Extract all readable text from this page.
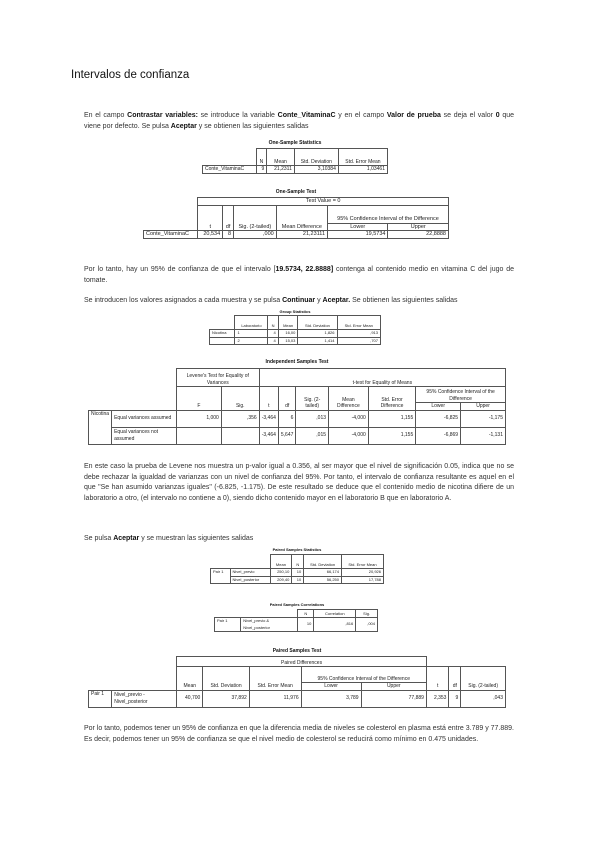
Intervalos de confianza

En el campo Contrastar variables: se introduce la variable Conte_VitaminaC y en el campo Valor de prueba se deja el valor 0 que viene por defecto. Se pulsa Aceptar y se obtienen las siguientes salidas

One-Sample Statistics
	N	Mean	Std. Deviation	Std. Error Mean
Conte_VitaminaC	9	21,2311	3,10384	1,03461
One-Sample Test
	Test Value = 0					
	t	df	Sig. (2-tailed)	Mean Difference	95% Confidence Interval of the Difference	
					Lower	Upper
Conte_VitaminaC	20,534	8	,000	21,23111	19,5734	22,8888

Por lo tanto, hay un 95% de confianza de que el intervalo [19.5734, 22.8888] contenga al contenido medio en vitamina C del jugo de tomate.

Se introducen los valores asignados a cada muestra y se pulsa Continuar y Aceptar. Se obtienen las siguientes salidas

Group Statistics
	Laboratorio	N	Mean	Std. Deviation	Std. Error Mean
Nicotina	1	4	16,00	1,826	,913
	2	4	15,03	1,414	,707
Independent Samples Test
		Levene's Test for Equality of Variances		t-test for Equality of Means						
		F	Sig.	t	df	Sig. (2-tailed)	Mean Difference	Std. Error Difference	95% Confidence Interval of the Difference	
									Lower	Upper
Nicotina	Equal variances assumed	1,000	,356	-3,464	6	,013	-4,000	1,155	-6,825	-1,175
	Equal variances not assumed			-3,464	5,647	,015	-4,000	1,155	-6,869	-1,131

En este caso la prueba de Levene nos muestra un p-valor igual a 0.356, al ser mayor que el nivel de significación 0.05, indica que no se debe rechazar la igualdad de varianzas con un nivel de confianza del 95%. Por tanto, el intervalo de confianza resultante es aquel en el que "Se han asumido varianzas iguales" (-6.825, -1.175). De este resultado se deduce que el contenido medio de nicotina difiere de un laboratorio a otro, (el intervalo no contiene a 0), siendo dicho contenido mayor en el laboratorio B que en laboratorio A.

Se pulsa Aceptar y se muestran las siguientes salidas

Paired Samples Statistics
		Mean	N	Std. Deviation	Std. Error Mean
Pair 1	Nivel_previo	250,10	10	66,174	20,926
	Nivel_posterior	209,40	10	56,250	17,788
Paired Samples Correlations
		N	Correlation	Sig.
Pair 1	Nivel_previo & Nivel_posterior	10	,816	,004
Paired Samples Test
		Paired Differences							
		Mean	Std. Deviation	Std. Error Mean	95% Confidence Interval of the Difference		t	df	Sig. (2-tailed)
					Lower	Upper			
Pair 1	Nivel_previo - Nivel_posterior	40,700	37,892	11,976	3,789	77,889	2,353	9	,043

Por lo tanto, podemos tener un 95% de confianza en que la diferencia media de niveles se colesterol en plasma está entre 3.789 y 77.889. Es decir, podemos tener un 95% de confianza se que el nivel medio de colesterol se reducirá como mínimo en 0.475 unidades.
